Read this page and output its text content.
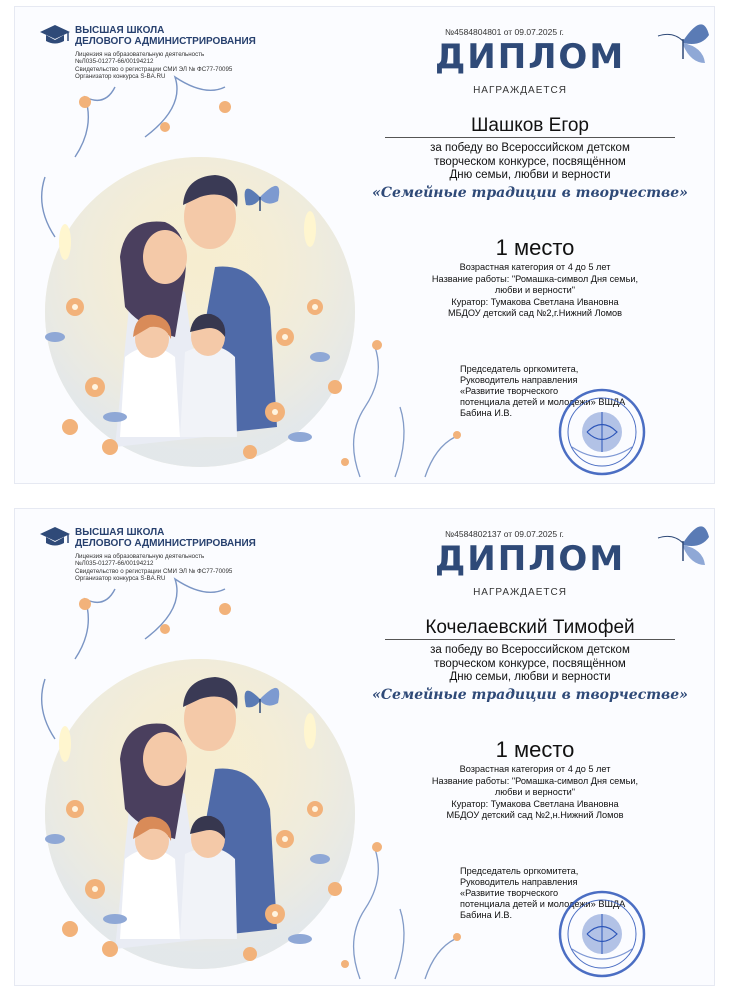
ВЫСШАЯ ШКОЛА
ДЕЛОВОГО АДМИНИСТРИРОВАНИЯ
Лицензия на образовательную деятельность
№Л035-01277-66/00194212
Свидетельство о регистрации СМИ ЭЛ № ФС77-70095
Организатор конкурса S-BA.RU
№4584804801 от 09.07.2025 г.
ДИПЛОМ
НАГРАЖДАЕТСЯ
Шашков Егор
за победу во Всероссийском детском
творческом конкурсе, посвящённом
Дню семьи, любви и верности
«Семейные традиции в творчестве»
1 место
Возрастная категория от 4 до 5 лет
Название работы: "Ромашка-символ Дня семьи,
любви и верности"
Куратор: Тумакова Светлана Ивановна
МБДОУ детский сад №2,г.Нижний Ломов
Председатель оргкомитета,
Руководитель направления
«Развитие творческого
потенциала детей и молодежи» ВШДА
Бабина И.В.
ВЫСШАЯ ШКОЛА
ДЕЛОВОГО АДМИНИСТРИРОВАНИЯ
Лицензия на образовательную деятельность
№Л035-01277-66/00194212
Свидетельство о регистрации СМИ ЭЛ № ФС77-70095
Организатор конкурса S-BA.RU
№4584802137 от 09.07.2025 г.
ДИПЛОМ
НАГРАЖДАЕТСЯ
Кочелаевский Тимофей
за победу во Всероссийском детском
творческом конкурсе, посвящённом
Дню семьи, любви и верности
«Семейные традиции в творчестве»
1 место
Возрастная категория от 4 до 5 лет
Название работы: "Ромашка-символ Дня семьи,
любви и верности"
Куратор: Тумакова Светлана Ивановна
МБДОУ детский сад №2,н.Нижний Ломов
Председатель оргкомитета,
Руководитель направления
«Развитие творческого
потенциала детей и молодежи» ВШДА
Бабина И.В.
